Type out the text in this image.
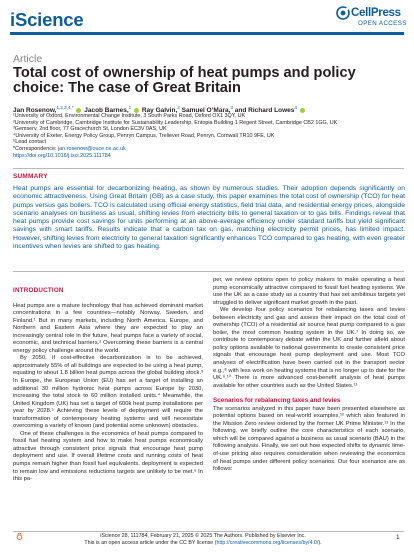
iScience	CellPress
OPEN ACCESS
Article
Total cost of ownership of heat pumps and policy choice: The case of Great Britain
Jan Rosenow,$^{1,2,3,4,*}$ Jacob Barnes,$^1$ Ray Galvin,$^2$ Samuel O’Mara,$^3$ and Richard Lowes$^4$
¹University of Oxford, Environmental Change Institute, 3 South Parks Road, Oxford OX1 3QY, UK
²University of Cambridge, Cambridge Institute for Sustainability Leadership, Entopia Building 1 Regent Street, Cambridge CB2 1GG, UK
³Gemserv, 2nd floor, 77 Gracechurch St, London EC3V 0AS, UK
⁴University of Exeter, Energy Policy Group, Penryn Campus, Treliever Road, Penryn, Cornwall TR10 9FE, UK
⁵Lead contact
*Correspondence: jan.rosenow@ouce.ox.ac.uk
https://doi.org/10.1016/j.isci.2025.111784
SUMMARY
Heat pumps are essential for decarbonizing heating, as shown by numerous studies. Their adoption depends significantly on economic attractiveness. Using Great Britain (GB) as a case study, this paper examines the total cost of ownership (TCO) for heat pumps versus gas boilers. TCO is calculated using official energy statistics, field trial data, and residential energy prices, alongside scenario analyses on business as usual, shifting levies from electricity bills to general taxation or to gas bills. Findings reveal that heat pumps provide cost savings for units performing at an above-average efficiency under standard tariffs but yield significant savings with smart tariffs. Results indicate that a carbon tax on gas, matching electricity permit prices, has limited impact. However, shifting levies from electricity to general taxation significantly enhances TCO compared to gas heating, with even greater incentives when levies are shifted to gas heating.
INTRODUCTION

Heat pumps are a mature technology that has achieved dominant market concentrations in a few countries—notably Norway, Sweden, and Finland.¹ But in many markets, including North America, Europe, and Northern and Eastern Asia where they are expected to play an increasingly central role in the future, heat pumps face a variety of social, economic, and technical barriers.² Overcoming these barriers is a central energy policy challenge around the world.

By 2050, if cost-effective decarbonization is to be achieved, approximately 55% of all buildings are expected to be using a heat pump, equating to about 1.8 billion heat pumps across the global building stock.³ In Europe, the European Union (EU) has set a target of installing an additional 30 million hydronic heat pumps across Europe by 2030, increasing the total stock to 60 million installed units.⁴ Meanwhile, the United Kingdom (UK) has set a target of 600k heat pump installations per year by 2028.⁵ Achieving these levels of deployment will require the transformation of contemporary heating systems and will necessitate overcoming a variety of known (and potential some unknown) obstacles.

One of these challenges is the economics of heat pumps compared to fossil fuel heating system and how to make heat pumps economically attractive through consistent price signals that encourage heat pump deployment and use. If overall lifetime costs and running costs of heat pumps remain higher than fossil fuel equivalents, deployment is expected to remain low and emissions reductions targets are unlikely to be met.⁶ In this pa-

per, we review options open to policy makers to make operating a heat pump economically attractive compared to fossil fuel heating systems. We use the UK as a case study as a country that has set ambitious targets yet struggled to deliver significant market growth in the past.

We develop four policy scenarios for rebalancing taxes and levies between electricity and gas and assess their impact on the total cost of ownership (TCO) of a residential air source heat pump compared to a gas boiler, the most common heating system in the UK.⁷ In doing so, we contribute to contemporary debate within the UK and further afield about policy options available to national governments to create consistent price signals that encourage heat pump deployment and use. Most TCO analyses of electrification have been carried out in the transport sector e.g.,⁸ with less work on heating systems that is no longer up to date for the UK.⁹,¹⁰ There is more advanced cost-benefit analysis of heat pumps available for other countries such as the United States.¹¹

Scenarios for rebalancing taxes and levies

The scenarios analyzed in this paper have been presented elsewhere as potential options based on real-world examples,¹² which also featured in the Mission Zero review ordered by the former UK Prime Minister.¹³ In the following, we briefly outline the core characteristics of each scenario, which will be compared against a business as usual scenario (BAU) in the following analysis. Finally, we set out how expected shifts to dynamic time-of-use pricing also requires consideration when reviewing the economics of heat pumps under different policy scenarios. Our four scenarios are as follows:

iScience 28, 111784, February 21, 2025 © 2025 The Authors. Published by Elsevier Inc.
This is an open access article under the CC BY license (http://creativecommons.org/licenses/by/4.0/).
1
